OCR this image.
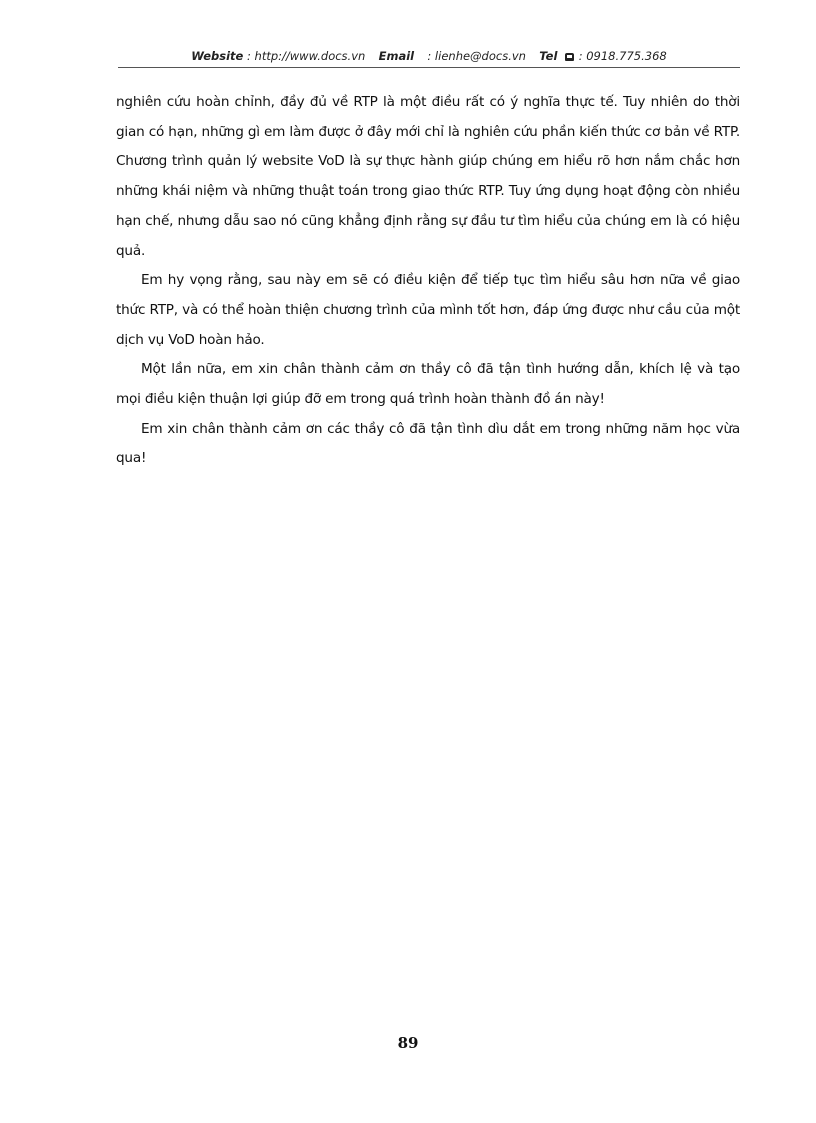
Website : http://www.docs.vn Email : lienhe@docs.vn Tel : 0918.775.368

nghiên cứu hoàn chỉnh, đầy đủ về RTP là một điều rất có ý nghĩa thực tế. Tuy nhiên do thời gian có hạn, những gì em làm được ở đây mới chỉ là nghiên cứu phần kiến thức cơ bản về RTP. Chương trình quản lý website VoD là sự thực hành giúp chúng em hiểu rõ hơn nắm chắc hơn những khái niệm và những thuật toán trong giao thức RTP. Tuy ứng dụng hoạt động còn nhiều hạn chế, nhưng dẫu sao nó cũng khẳng định rằng sự đầu tư tìm hiểu của chúng em là có hiệu quả.

Em hy vọng rằng, sau này em sẽ có điều kiện để tiếp tục tìm hiểu sâu hơn nữa về giao thức RTP, và có thể hoàn thiện chương trình của mình tốt hơn, đáp ứng được như cầu của một dịch vụ VoD hoàn hảo.

Một lần nữa, em xin chân thành cảm ơn thầy cô đã tận tình hướng dẫn, khích lệ và tạo mọi điều kiện thuận lợi giúp đỡ em trong quá trình hoàn thành đồ án này!

Em xin chân thành cảm ơn các thầy cô đã tận tình dìu dắt em trong những năm học vừa qua!

89
